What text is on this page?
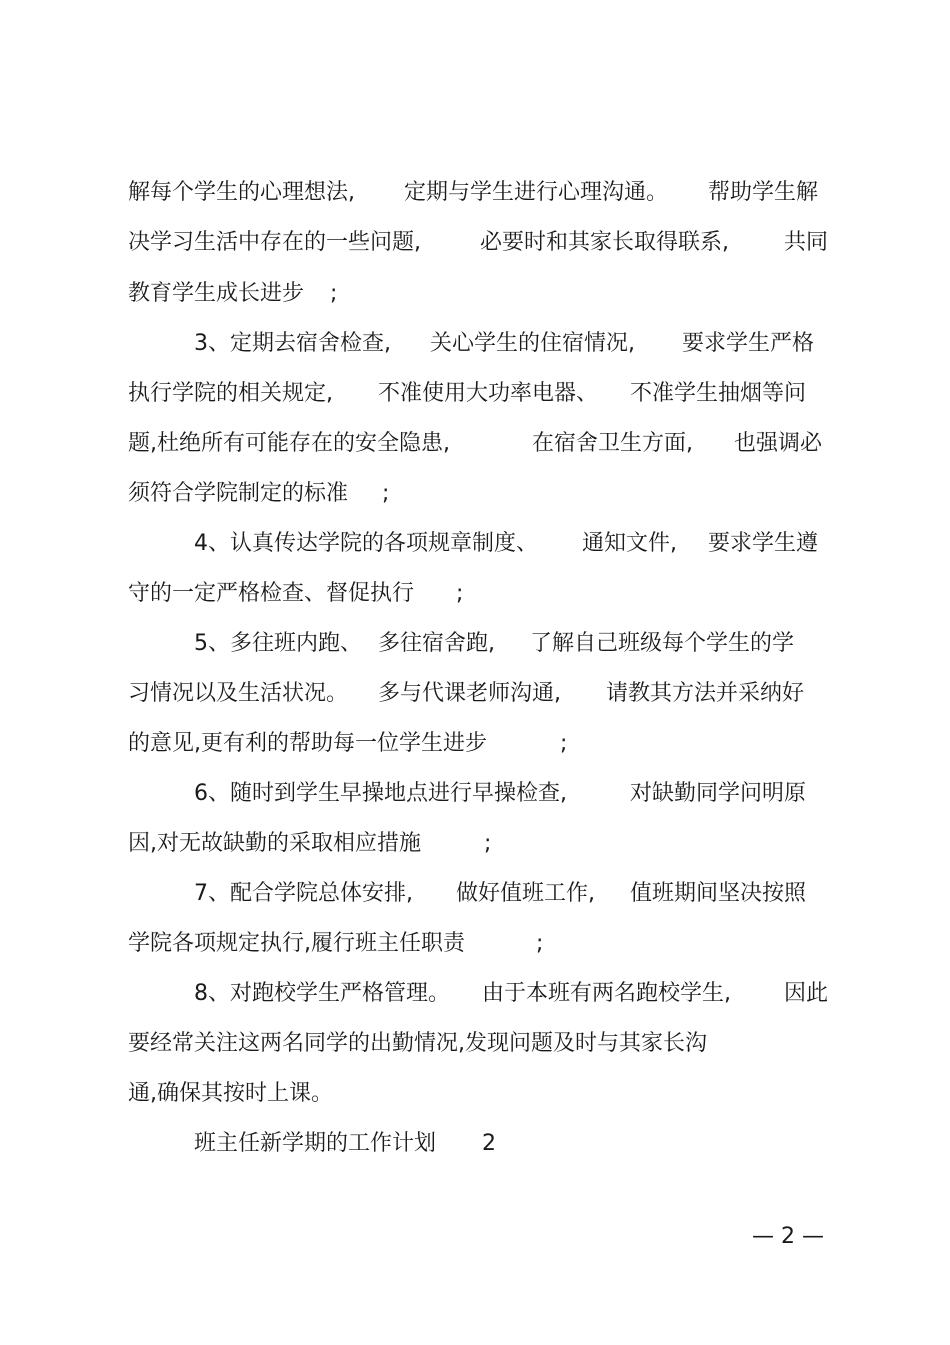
解每个学生的心理想法,

定期与学生进行心理沟通。

帮助学生解

决学习生活中存在的一些问题,

	必要时和其家长取得联系,

	共同

教育学生成长进步

;

3、定期去宿舍检查,

关心学生的住宿情况,

要求学生严格

执行学院的相关规定,

不准使用大功率电器、

不准学生抽烟等问

题,杜绝所有可能存在的安全隐患,

	在宿舍卫生方面,

也强调必

须符合学院制定的标准

;

4、认真传达学院的各项规章制度、

通知文件,

要求学生遵

守的一定严格检查、督促执行

;

5、多往班内跑、

多往宿舍跑,

了解自己班级每个学生的学

习情况以及生活状况。

多与代课老师沟通,

请教其方法并采纳好

的意见,更有利的帮助每一位学生进步

	;

6、随时到学生早操地点进行早操检查,

	对缺勤同学问明原

因,对无故缺勤的采取相应措施

	;

7、配合学院总体安排,

做好值班工作,

值班期间坚决按照

学院各项规定执行,履行班主任职责

	;

8、对跑校学生严格管理。

由于本班有两名跑校学生,

因此

要经常关注这两名同学的出勤情况,发现问题及时与其家长沟

通,确保其按时上课。

班主任新学期的工作计划

2

— 2 —
